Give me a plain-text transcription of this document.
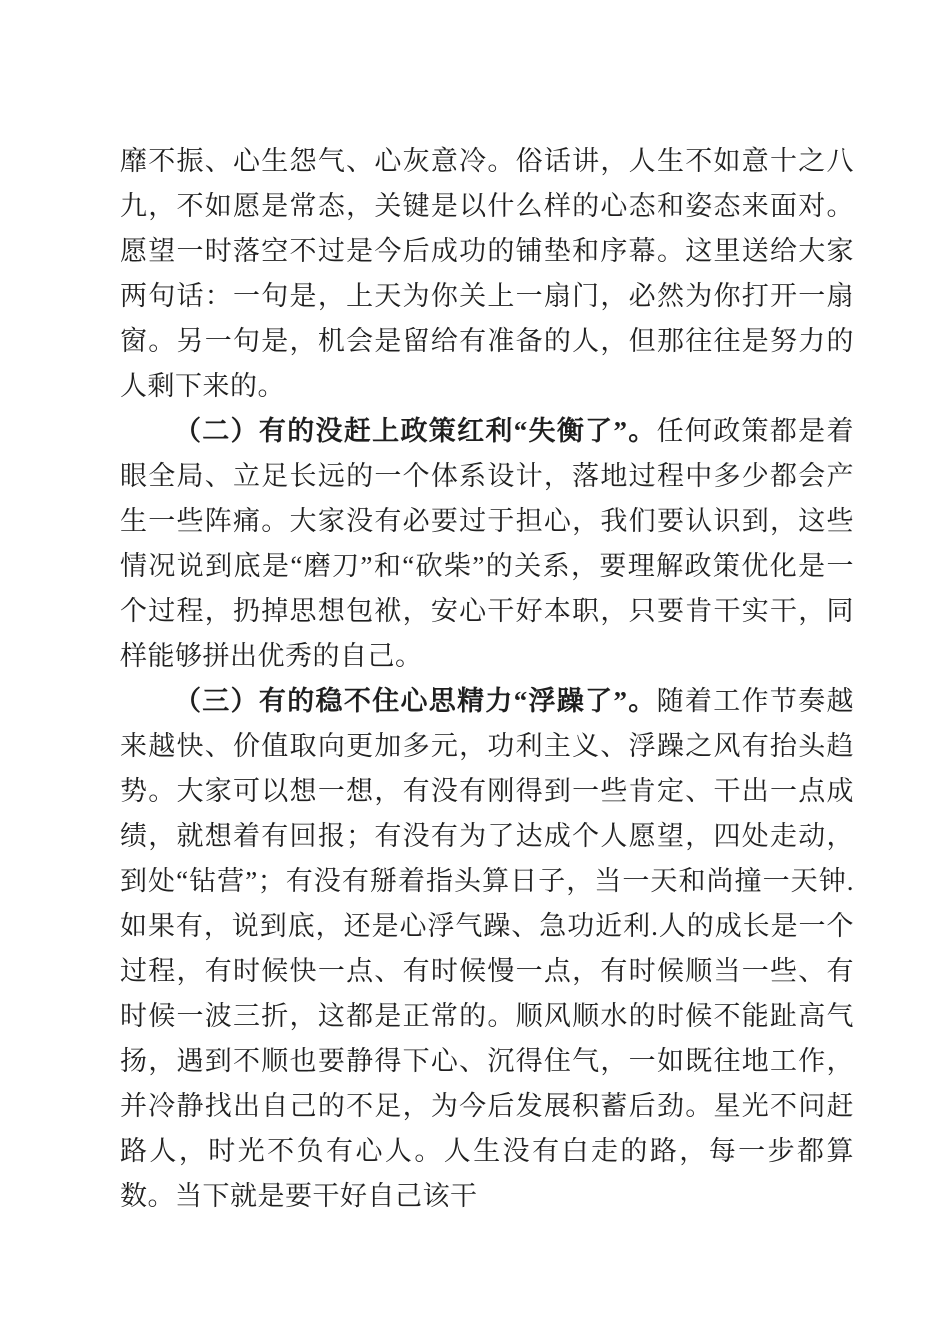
靡不振、心生怨气、心灰意冷。俗话讲，人生不如意十之八九，不如愿是常态，关键是以什么样的心态和姿态来面对。愿望一时落空不过是今后成功的铺垫和序幕。这里送给大家两句话：一句是，上天为你关上一扇门，必然为你打开一扇窗。另一句是，机会是留给有准备的人，但那往往是努力的人剩下来的。

（二）有的没赶上政策红利“失衡了”。任何政策都是着眼全局、立足长远的一个体系设计，落地过程中多少都会产生一些阵痛。大家没有必要过于担心，我们要认识到，这些情况说到底是“磨刀”和“砍柴”的关系，要理解政策优化是一个过程，扔掉思想包袱，安心干好本职，只要肯干实干，同样能够拼出优秀的自己。

（三）有的稳不住心思精力“浮躁了”。随着工作节奏越来越快、价值取向更加多元，功利主义、浮躁之风有抬头趋势。大家可以想一想，有没有刚得到一些肯定、干出一点成绩，就想着有回报；有没有为了达成个人愿望，四处走动，到处“钻营”；有没有掰着指头算日子，当一天和尚撞一天钟.如果有，说到底，还是心浮气躁、急功近利.人的成长是一个过程，有时候快一点、有时候慢一点，有时候顺当一些、有时候一波三折，这都是正常的。顺风顺水的时候不能趾高气扬，遇到不顺也要静得下心、沉得住气，一如既往地工作，并冷静找出自己的不足，为今后发展积蓄后劲。星光不问赶路人，时光不负有心人。人生没有白走的路，每一步都算数。当下就是要干好自己该干
